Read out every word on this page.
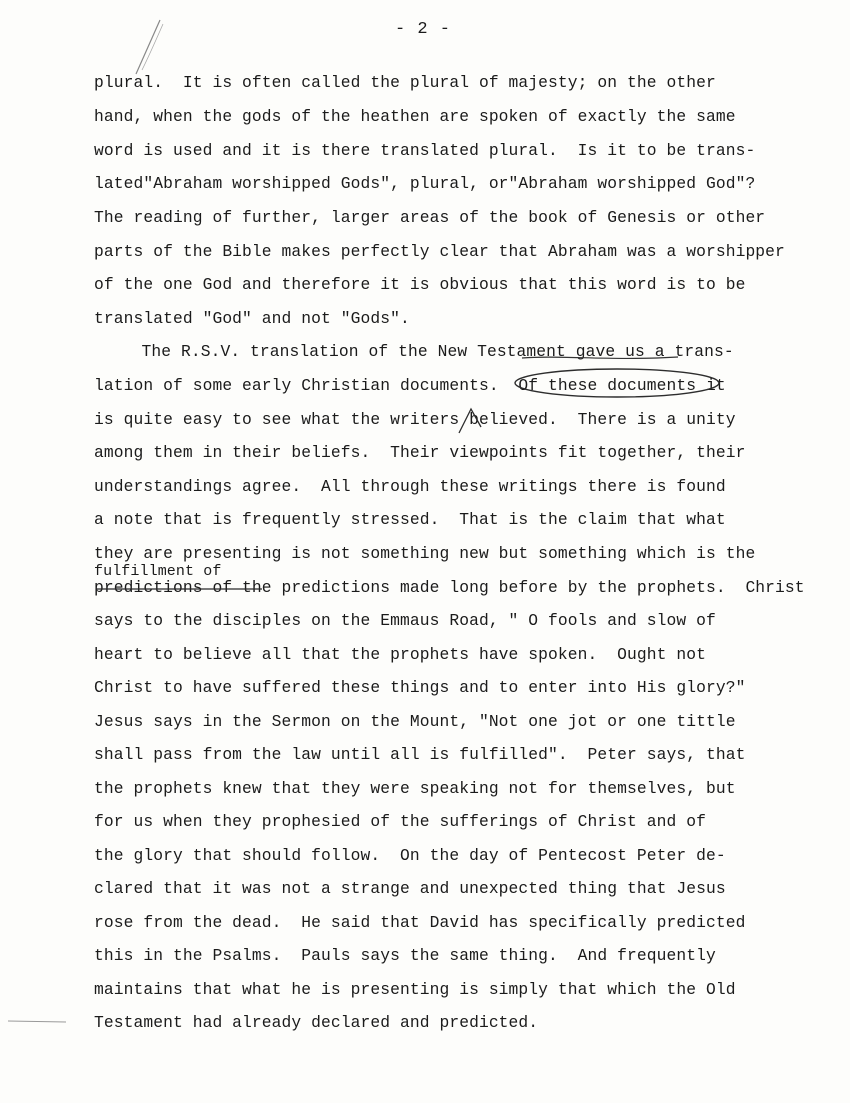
- 2 -
plural.  It is often called the plural of majesty; on the other
hand, when the gods of the heathen are spoken of exactly the same
word is used and it is there translated plural.  Is it to be trans-
lated"Abraham worshipped Gods", plural, or"Abraham worshipped God"?
The reading of further, larger areas of the book of Genesis or other
parts of the Bible makes perfectly clear that Abraham was a worshipper
of the one God and therefore it is obvious that this word is to be
translated "God" and not "Gods".
The R.S.V. translation of the New Testament gave us a trans-
lation of some early Christian documents.  Of these documents it
is quite easy to see what the writers believed.  There is a unity
among them in their beliefs.  Their viewpoints fit together, their
understandings agree.  All through these writings there is found
a note that is frequently stressed.  That is the claim that what
they are presenting is not something new but something which is the
fulfillment of
predictions of the predictions made long before by the prophets.  Christ
says to the disciples on the Emmaus Road, " O fools and slow of
heart to believe all that the prophets have spoken.  Ought not
Christ to have suffered these things and to enter into His glory?"
Jesus says in the Sermon on the Mount, "Not one jot or one tittle
shall pass from the law until all is fulfilled".  Peter says, that
the prophets knew that they were speaking not for themselves, but
for us when they prophesied of the sufferings of Christ and of
the glory that should follow.  On the day of Pentecost Peter de-
clared that it was not a strange and unexpected thing that Jesus
rose from the dead.  He said that David has specifically predicted
this in the Psalms.  Pauls says the same thing.  And frequently
maintains that what he is presenting is simply that which the Old
Testament had already declared and predicted.
